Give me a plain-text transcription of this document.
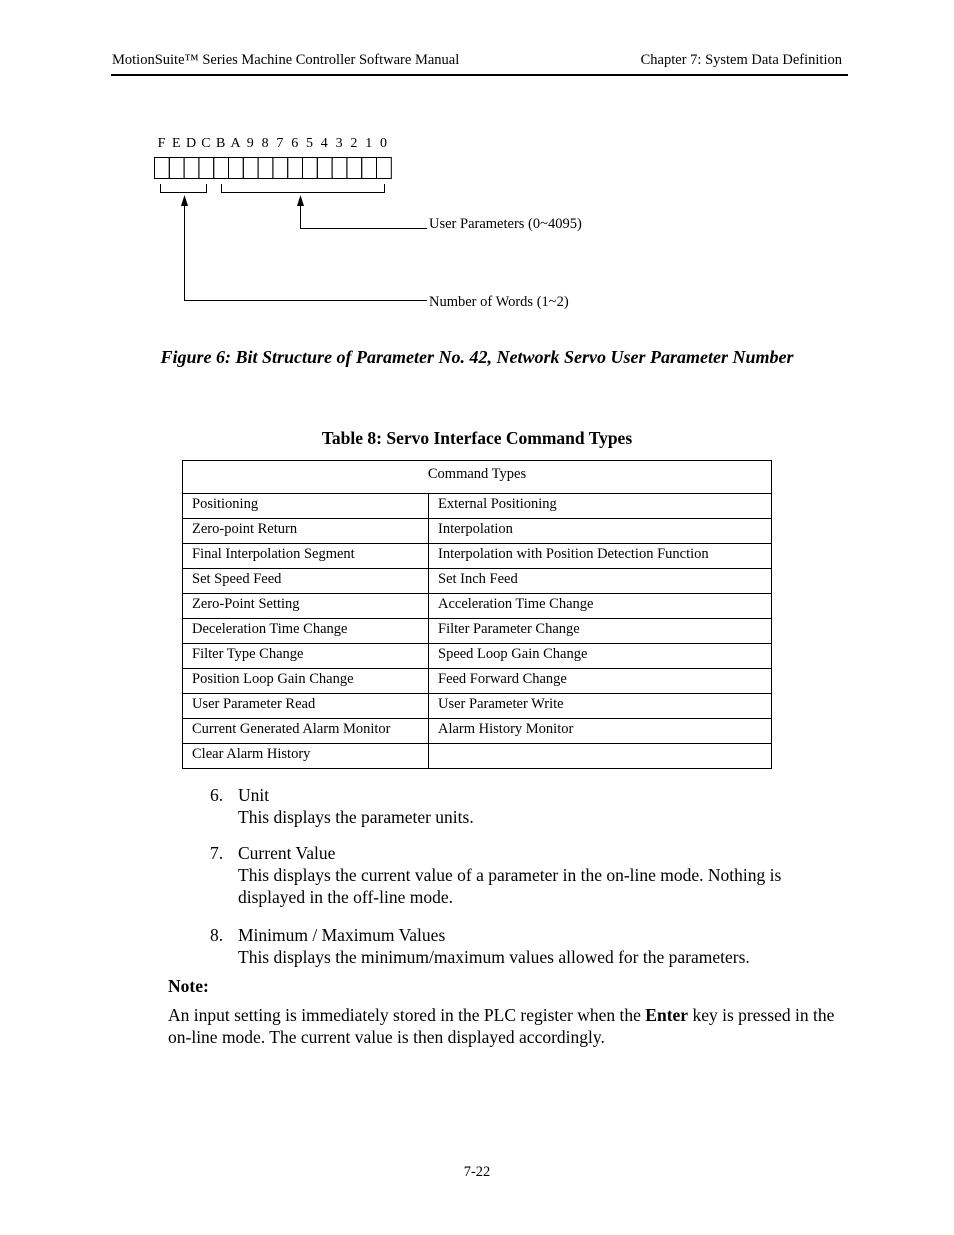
MotionSuite™ Series Machine Controller Software Manual	Chapter 7: System Data Definition
F E D C B A 9 8 7 6 5 4 3 2 1 0
User Parameters (0~4095)
Number of Words (1~2)
Figure 6: Bit Structure of Parameter No. 42, Network Servo User Parameter Number
Table 8: Servo Interface Command Types
Command Types	
Positioning	External Positioning
Zero-point Return	Interpolation
Final Interpolation Segment	Interpolation with Position Detection Function
Set Speed Feed	Set Inch Feed
Zero-Point Setting	Acceleration Time Change
Deceleration Time Change	Filter Parameter Change
Filter Type Change	Speed Loop Gain Change
Position Loop Gain Change	Feed Forward Change
User Parameter Read	User Parameter Write
Current Generated Alarm Monitor	Alarm History Monitor
Clear Alarm History	
6. Unit
This displays the parameter units.
7. Current Value
This displays the current value of a parameter in the on-line mode. Nothing is displayed in the off-line mode.
8. Minimum / Maximum Values
This displays the minimum/maximum values allowed for the parameters.
Note:
An input setting is immediately stored in the PLC register when the Enter key is pressed in the on-line mode. The current value is then displayed accordingly.
7-22
